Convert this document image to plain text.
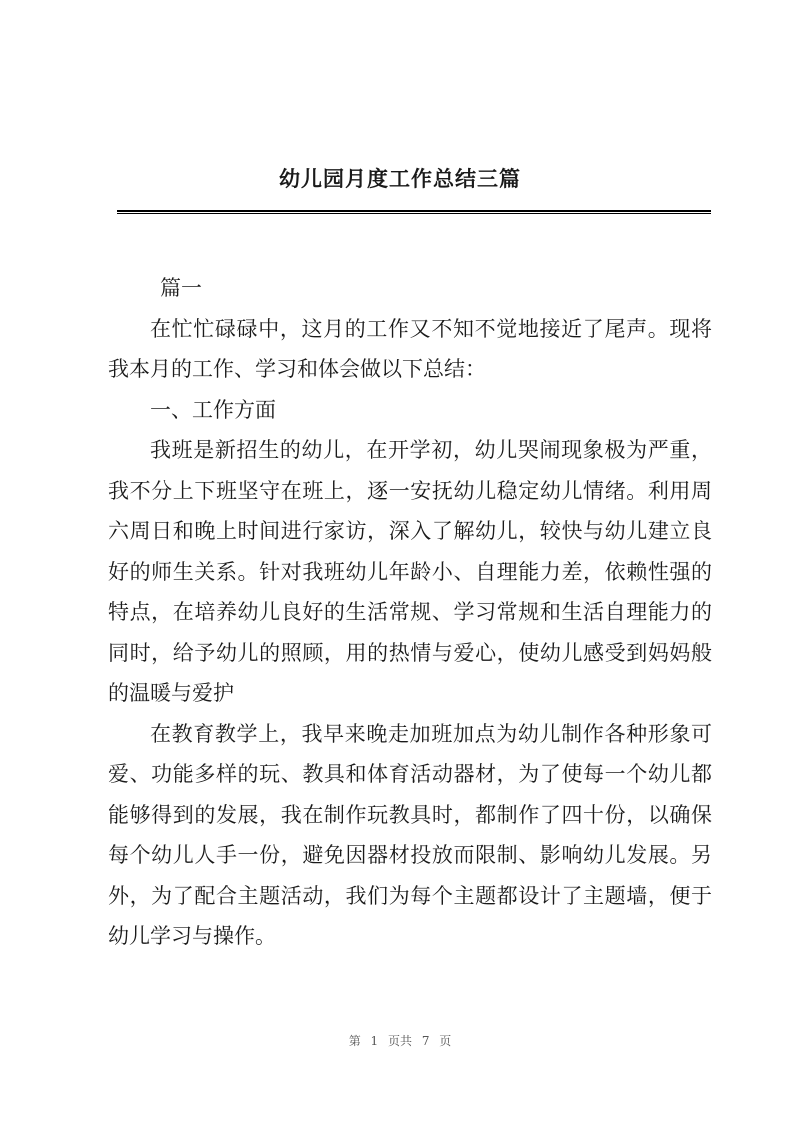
幼儿园月度工作总结三篇

篇一

在忙忙碌碌中，这月的工作又不知不觉地接近了尾声。现将我本月的工作、学习和体会做以下总结：

一、工作方面

我班是新招生的幼儿，在开学初，幼儿哭闹现象极为严重，我不分上下班坚守在班上，逐一安抚幼儿稳定幼儿情绪。利用周六周日和晚上时间进行家访，深入了解幼儿，较快与幼儿建立良好的师生关系。针对我班幼儿年龄小、自理能力差，依赖性强的特点，在培养幼儿良好的生活常规、学习常规和生活自理能力的同时，给予幼儿的照顾，用的热情与爱心，使幼儿感受到妈妈般的温暖与爱护

在教育教学上，我早来晚走加班加点为幼儿制作各种形象可爱、功能多样的玩、教具和体育活动器材，为了使每一个幼儿都能够得到的发展，我在制作玩教具时，都制作了四十份，以确保每个幼儿人手一份，避免因器材投放而限制、影响幼儿发展。另外，为了配合主题活动，我们为每个主题都设计了主题墙，便于幼儿学习与操作。

第 1 页共 7 页
